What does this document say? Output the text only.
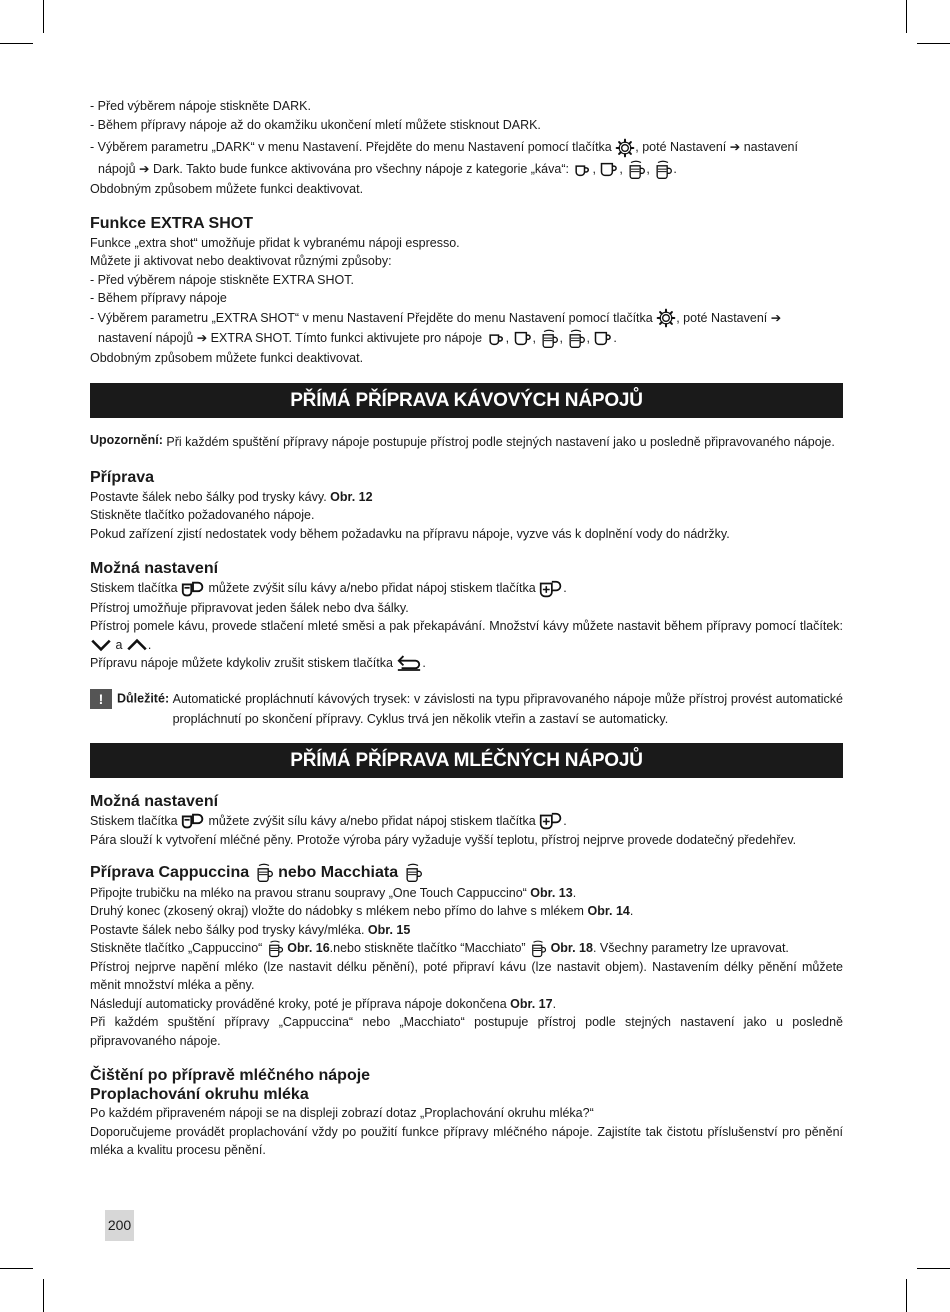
- Před výběrem nápoje stiskněte DARK.

- Během přípravy nápoje až do okamžiku ukončení mletí můžete stisknout DARK.

- Výběrem parametru „DARK“ v menu Nastavení. Přejděte do menu Nastavení pomocí tlačítka , poté Nastavení ➔ nastavení

nápojů ➔ Dark. Takto bude funkce aktivována pro všechny nápoje z kategorie „káva“: ,
,
,
.

Obdobným způsobem můžete funkci deaktivovat.

Funkce EXTRA SHOT

Funkce „extra shot“ umožňuje přidat k vybranému nápoji espresso.

Můžete ji aktivovat nebo deaktivovat různými způsoby:

- Před výběrem nápoje stiskněte EXTRA SHOT.

- Během přípravy nápoje

- Výběrem parametru „EXTRA SHOT“ v menu Nastavení Přejděte do menu Nastavení pomocí tlačítka , poté Nastavení ➔

nastavení nápojů ➔ EXTRA SHOT. Tímto funkci aktivujete pro nápoje ,
,
,
,
.

Obdobným způsobem můžete funkci deaktivovat.

PŘÍMÁ PŘÍPRAVA KÁVOVÝCH NÁPOJŮ
Upozornění: Při každém spuštění přípravy nápoje postupuje přístroj podle stejných nastavení jako u posledně připravovaného nápoje.

Příprava

Postavte šálek nebo šálky pod trysky kávy. Obr. 12

Stiskněte tlačítko požadovaného nápoje.

Pokud zařízení zjistí nedostatek vody během požadavku na přípravu nápoje, vyzve vás k doplnění vody do nádržky.

Možná nastavení

Stiskem tlačítka můžete zvýšit sílu kávy a/nebo přidat nápoj stiskem tlačítka .

Přístroj umožňuje připravovat jeden šálek nebo dva šálky.

Přístroj pomele kávu, provede stlačení mleté směsi a pak překapávání. Množství kávy můžete nastavit během přípravy pomocí tlačítek:
a .

Přípravu nápoje můžete kdykoliv zrušit stiskem tlačítka .

! Důležité: Automatické propláchnutí kávových trysek: v závislosti na typu připravovaného nápoje může přístroj provést automatické propláchnutí po skončení přípravy. Cyklus trvá jen několik vteřin a zastaví se automaticky.

PŘÍMÁ PŘÍPRAVA MLÉČNÝCH NÁPOJŮ
Možná nastavení

Stiskem tlačítka můžete zvýšit sílu kávy a/nebo přidat nápoj stiskem tlačítka .

Pára slouží k vytvoření mléčné pěny. Protože výroba páry vyžaduje vyšší teplotu, přístroj nejprve provede dodatečný předehřev.

Příprava Cappuccina nebo Macchiata

Připojte trubičku na mléko na pravou stranu soupravy „One Touch Cappuccino“ Obr. 13.

Druhý konec (zkosený okraj) vložte do nádobky s mlékem nebo přímo do lahve s mlékem Obr. 14.

Postavte šálek nebo šálky pod trysky kávy/mléka. Obr. 15

Stiskněte tlačítko „Cappuccino“ Obr. 16.nebo stiskněte tlačítko “Macchiato” Obr. 18. Všechny parametry lze upravovat.

Přístroj nejprve napění mléko (lze nastavit délku pěnění), poté připraví kávu (lze nastavit objem). Nastavením délky pěnění můžete měnit množství mléka a pěny.

Následují automaticky prováděné kroky, poté je příprava nápoje dokončena Obr. 17.

Při každém spuštění přípravy „Cappuccina“ nebo „Macchiato“ postupuje přístroj podle stejných nastavení jako u posledně připravovaného nápoje.

Čištění po přípravě mléčného nápoje
Proplachování okruhu mléka

Po každém připraveném nápoji se na displeji zobrazí dotaz „Proplachování okruhu mléka?“

Doporučujeme provádět proplachování vždy po použití funkce přípravy mléčného nápoje. Zajistíte tak čistotu příslušenství pro pěnění mléka a kvalitu procesu pěnění.

200
